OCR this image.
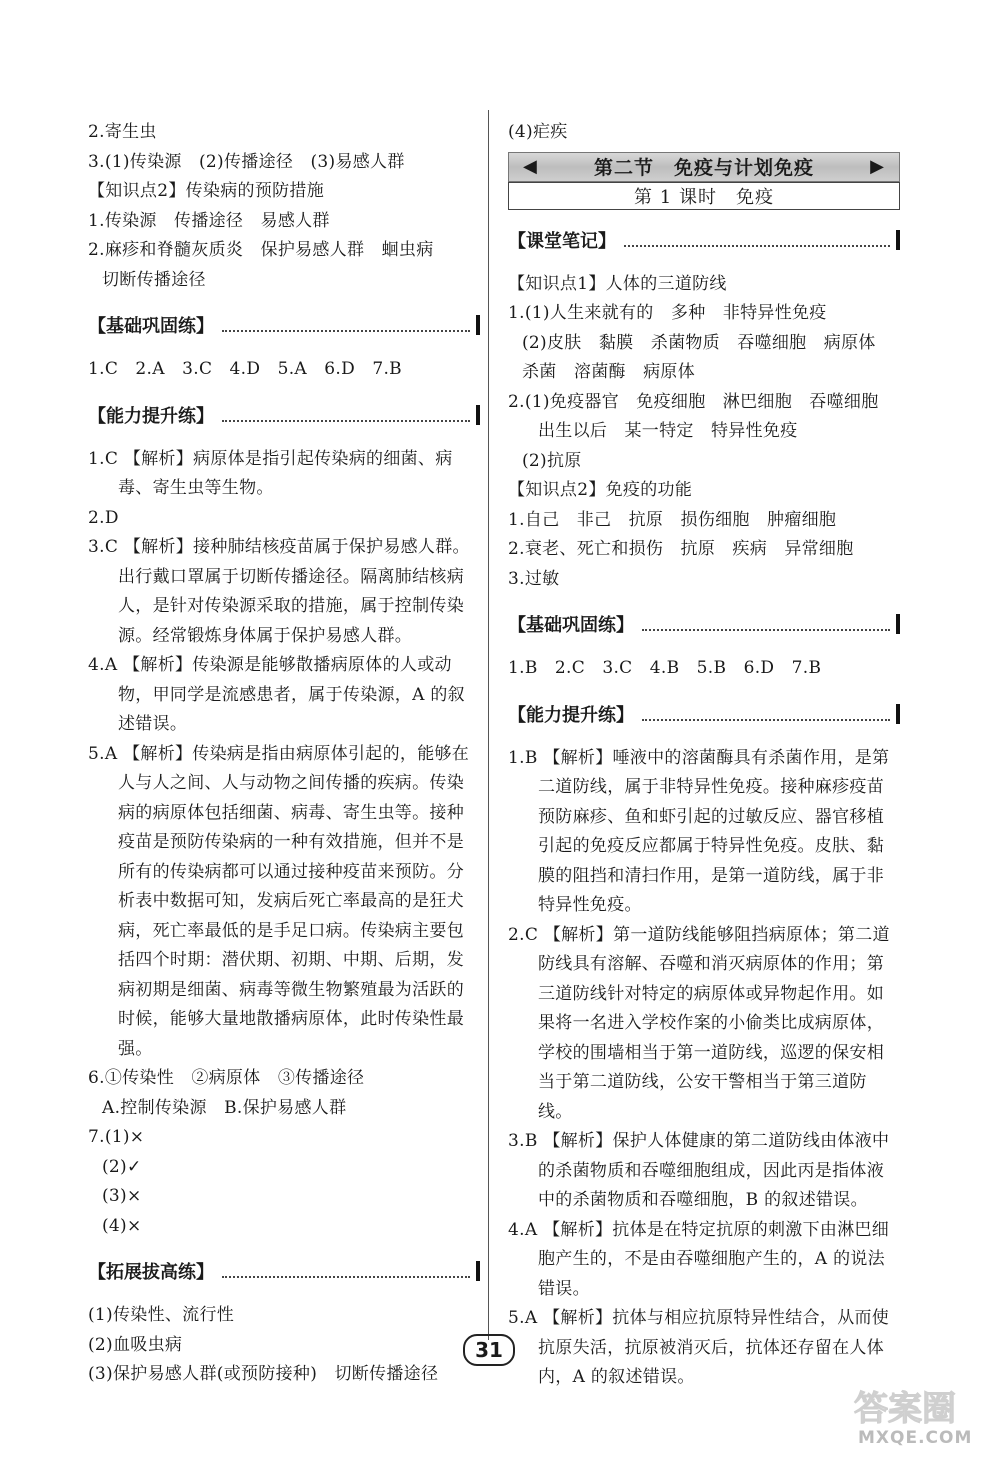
2.寄生虫
3.(1)传染源　(2)传播途径　(3)易感人群
【知识点2】传染病的预防措施
1.传染源　传播途径　易感人群
2.麻疹和脊髓灰质炎　保护易感人群　蛔虫病
切断传播途径
【基础巩固练】
1.C　2.A　3.C　4.D　5.A　6.D　7.B
【能力提升练】
1.C 【解析】病原体是指引起传染病的细菌、病毒、寄生虫等生物。
2.D
3.C 【解析】接种肺结核疫苗属于保护易感人群。出行戴口罩属于切断传播途径。隔离肺结核病人，是针对传染源采取的措施，属于控制传染源。经常锻炼身体属于保护易感人群。
4.A 【解析】传染源是能够散播病原体的人或动物，甲同学是流感患者，属于传染源，A 的叙述错误。
5.A 【解析】传染病是指由病原体引起的，能够在人与人之间、人与动物之间传播的疾病。传染病的病原体包括细菌、病毒、寄生虫等。接种疫苗是预防传染病的一种有效措施，但并不是所有的传染病都可以通过接种疫苗来预防。分析表中数据可知，发病后死亡率最高的是狂犬病，死亡率最低的是手足口病。传染病主要包括四个时期：潜伏期、初期、中期、后期，发病初期是细菌、病毒等微生物繁殖最为活跃的时候，能够大量地散播病原体，此时传染性最强。
6.①传染性　②病原体　③传播途径
A.控制传染源　B.保护易感人群
7.(1)×
(2)✓
(3)×
(4)×
【拓展拔高练】
(1)传染性、流行性
(2)血吸虫病
(3)保护易感人群(或预防接种)　切断传播途径
(4)疟疾
◀	第二节　免疫与计划免疫	▶
第 1 课时　免疫
【课堂笔记】
【知识点1】人体的三道防线
1.(1)人生来就有的　多种　非特异性免疫
(2)皮肤　黏膜　杀菌物质　吞噬细胞　病原体　杀菌　溶菌酶　病原体
2.(1)免疫器官　免疫细胞　淋巴细胞　吞噬细胞　出生以后　某一特定　特异性免疫
(2)抗原
【知识点2】免疫的功能
1.自己　非己　抗原　损伤细胞　肿瘤细胞
2.衰老、死亡和损伤　抗原　疾病　异常细胞
3.过敏
【基础巩固练】
1.B　2.C　3.C　4.B　5.B　6.D　7.B
【能力提升练】
1.B 【解析】唾液中的溶菌酶具有杀菌作用，是第二道防线，属于非特异性免疫。接种麻疹疫苗预防麻疹、鱼和虾引起的过敏反应、器官移植引起的免疫反应都属于特异性免疫。皮肤、黏膜的阻挡和清扫作用，是第一道防线，属于非特异性免疫。
2.C 【解析】第一道防线能够阻挡病原体；第二道防线具有溶解、吞噬和消灭病原体的作用；第三道防线针对特定的病原体或异物起作用。如果将一名进入学校作案的小偷类比成病原体，学校的围墙相当于第一道防线，巡逻的保安相当于第二道防线，公安干警相当于第三道防线。
3.B 【解析】保护人体健康的第二道防线由体液中的杀菌物质和吞噬细胞组成，因此丙是指体液中的杀菌物质和吞噬细胞，B 的叙述错误。
4.A 【解析】抗体是在特定抗原的刺激下由淋巴细胞产生的，不是由吞噬细胞产生的，A 的说法错误。
5.A 【解析】抗体与相应抗原特异性结合，从而使抗原失活，抗原被消灭后，抗体还存留在人体内，A 的叙述错误。
31
答案圈
MXQE.COM
